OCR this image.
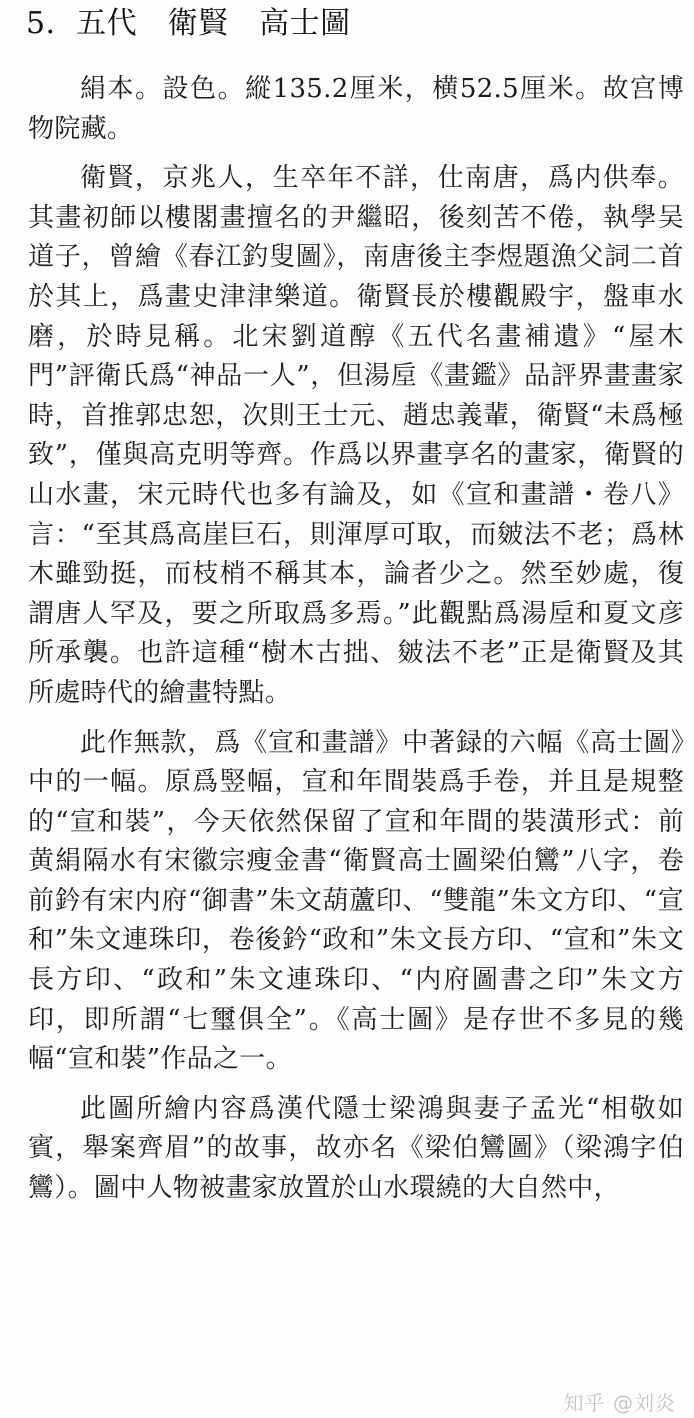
5．五代　衛賢　高士圖

絹本。設色。縱135.2厘米，横52.5厘米。故宫博物院藏。

衛賢，京兆人，生卒年不詳，仕南唐，爲内供奉。其畫初師以樓閣畫擅名的尹繼昭，後刻苦不倦，執學吴道子，曾繪《春江釣叟圖》，南唐後主李煜題漁父詞二首於其上，爲畫史津津樂道。衛賢長於樓觀殿宇，盤車水磨，於時見稱。北宋劉道醇《五代名畫補遺》“屋木門”評衛氏爲“神品一人”，但湯垕《畫鑑》品評界畫畫家時，首推郭忠恕，次則王士元、趙忠義輩，衛賢“未爲極致”，僅與高克明等齊。作爲以界畫享名的畫家，衛賢的山水畫，宋元時代也多有論及，如《宣和畫譜・卷八》言：“至其爲高崖巨石，則渾厚可取，而皴法不老；爲林木雖勁挺，而枝梢不稱其本，論者少之。然至妙處，復謂唐人罕及，要之所取爲多焉。”此觀點爲湯垕和夏文彦所承襲。也許這種“樹木古拙、皴法不老”正是衛賢及其所處時代的繪畫特點。

此作無款，爲《宣和畫譜》中著録的六幅《高士圖》中的一幅。原爲竪幅，宣和年間裝爲手卷，并且是規整的“宣和裝”，今天依然保留了宣和年間的裝潢形式：前黄絹隔水有宋徽宗瘦金書“衛賢高士圖梁伯鸞”八字，卷前鈐有宋内府“御書”朱文葫蘆印、“雙龍”朱文方印、“宣和”朱文連珠印，卷後鈐“政和”朱文長方印、“宣和”朱文長方印、“政和”朱文連珠印、“内府圖書之印”朱文方印，即所謂“七璽俱全”。《高士圖》是存世不多見的幾幅“宣和裝”作品之一。

此圖所繪内容爲漢代隱士梁鴻與妻子孟光“相敬如賓，舉案齊眉”的故事，故亦名《梁伯鸞圖》（梁鴻字伯鸞）。圖中人物被畫家放置於山水環繞的大自然中，

知乎 @刘炎
